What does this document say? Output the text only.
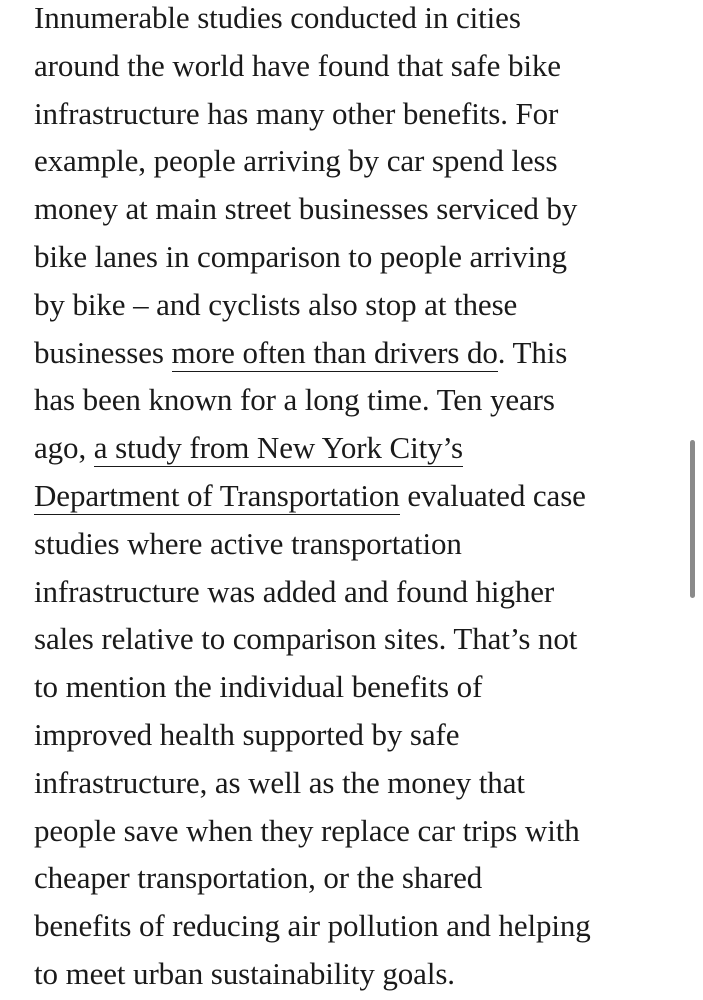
Innumerable studies conducted in cities
around the world have found that safe bike
infrastructure has many other benefits. For
example, people arriving by car spend less
money at main street businesses serviced by
bike lanes in comparison to people arriving
by bike – and cyclists also stop at these
businesses more often than drivers do. This
has been known for a long time. Ten years
ago, a study from New York City’s
Department of Transportation evaluated case
studies where active transportation
infrastructure was added and found higher
sales relative to comparison sites. That’s not
to mention the individual benefits of
improved health supported by safe
infrastructure, as well as the money that
people save when they replace car trips with
cheaper transportation, or the shared
benefits of reducing air pollution and helping
to meet urban sustainability goals.
